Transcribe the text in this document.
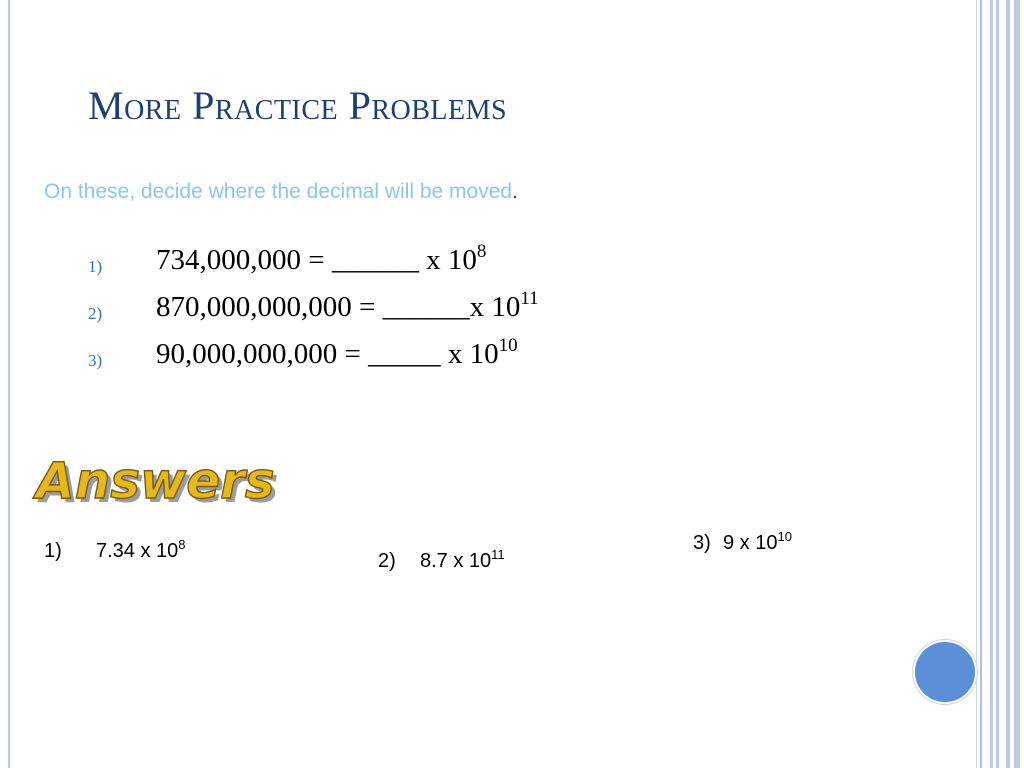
More Practice Problems
On these, decide where the decimal will be moved.
1) 734,000,000 = ______ x $10^8$
2) 870,000,000,000 = ______x $10^{11}$
3) 90,000,000,000 = _____ x $10^{10}$
Answers
1) 7.34 x $10^8$
2) 8.7 x $10^{11}$
3) 9 x $10^{10}$
